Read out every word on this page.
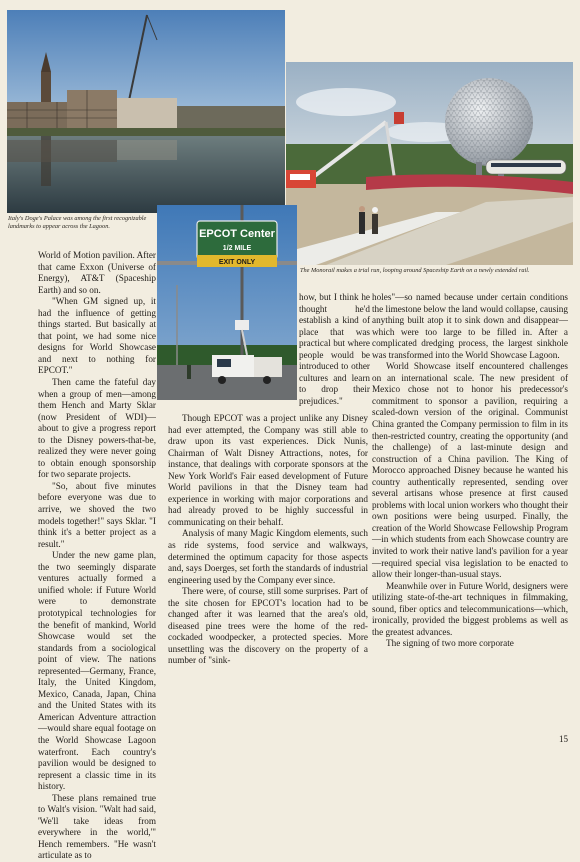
Italy's Doge's Palace was among the first recognizable landmarks to appear across the Lagoon.

The Monorail makes a trial run, looping around Spaceship Earth on a newly extended rail.

EPCOT Center
1/2 MILE
EXIT ONLY

World of Motion pavilion. After that came Exxon (Universe of Energy), AT&T (Spaceship Earth) and so on.

"When GM signed up, it had the influence of getting things started. But basically at that point, we had some nice designs for World Showcase and next to nothing for EPCOT."

Then came the fateful day when a group of men—among them Hench and Marty Sklar (now President of WDI)—about to give a progress report to the Disney powers-that-be, realized they were never going to obtain enough sponsorship for two separate projects.

"So, about five minutes before everyone was due to arrive, we shoved the two models together!" says Sklar. "I think it's a better project as a result."

Under the new game plan, the two seemingly disparate ventures actually formed a unified whole: if Future World were to demonstrate prototypical technologies for the benefit of mankind, World Showcase would set the standards from a sociological point of view. The nations represented—Germany, France, Italy, the United Kingdom, Mexico, Canada, Japan, China and the United States with its American Adventure attraction—would share equal footage on the World Showcase Lagoon waterfront. Each country's pavilion would be designed to represent a classic time in its history.

These plans remained true to Walt's vision. "Walt had said, 'We'll take ideas from everywhere in the world,'" Hench remembers. "He wasn't articulate as to

how, but I think he thought he'd establish a kind of place that was practical but where people would be introduced to other cultures and learn to drop their prejudices."

Though EPCOT was a project unlike any Disney had ever attempted, the Company was still able to draw upon its vast experiences. Dick Nunis, Chairman of Walt Disney Attractions, notes, for instance, that dealings with corporate sponsors at the New York World's Fair eased development of Future World pavilions in that the Disney team had experience in working with major corporations and had already proved to be highly successful in communicating on their behalf.

Analysis of many Magic Kingdom elements, such as ride systems, food service and walkways, determined the optimum capacity for those aspects and, says Doerges, set forth the standards of industrial engineering used by the Company ever since.

There were, of course, still some surprises. Part of the site chosen for EPCOT's location had to be changed after it was learned that the area's old, diseased pine trees were the home of the red-cockaded woodpecker, a protected species. More unsettling was the discovery on the property of a number of "sink-

holes"—so named because under certain conditions the limestone below the land would collapse, causing anything built atop it to sink down and disappear—which were too large to be filled in. After a complicated dredging process, the largest sinkhole was transformed into the World Showcase Lagoon.

World Showcase itself encountered challenges on an international scale. The new president of Mexico chose not to honor his predecessor's commitment to sponsor a pavilion, requiring a scaled-down version of the original. Communist China granted the Company permission to film in its then-restricted country, creating the opportunity (and the challenge) of a last-minute design and construction of a China pavilion. The King of Morocco approached Disney because he wanted his country authentically represented, sending over several artisans whose presence at first caused problems with local union workers who thought their own positions were being usurped. Finally, the creation of the World Showcase Fellowship Program—in which students from each Showcase country are invited to work their native land's pavilion for a year—required special visa legislation to be enacted to allow their longer-than-usual stays.

Meanwhile over in Future World, designers were utilizing state-of-the-art techniques in filmmaking, sound, fiber optics and telecommunications—which, ironically, provided the biggest problems as well as the greatest advances.

The signing of two more corporate

15
